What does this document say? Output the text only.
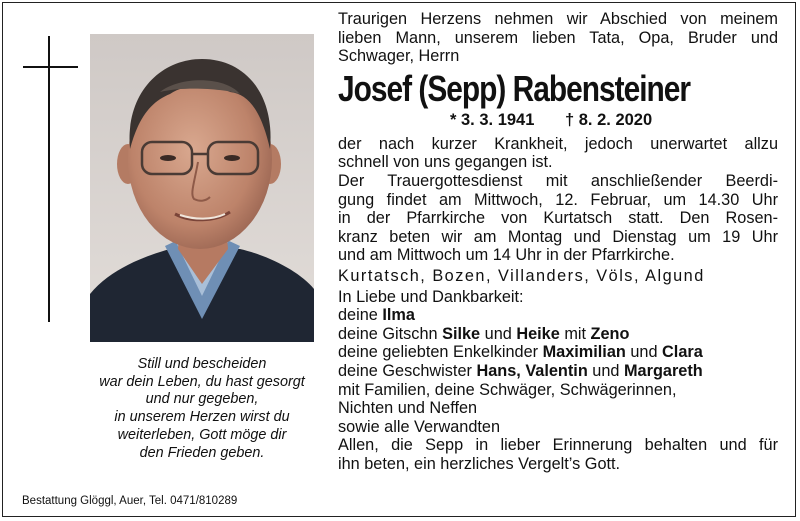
Still und bescheiden
war dein Leben, du hast gesorgt
und nur gegeben,
in unserem Herzen wirst du
weiterleben, Gott möge dir
den Frieden geben.
Bestattung Glöggl, Auer, Tel. 0471/810289
Traurigen Herzens nehmen wir Abschied von meinem
lieben Mann, unserem lieben Tata, Opa, Bruder und
Schwager, Herrn
Josef (Sepp) Rabensteiner
* 3. 3. 1941 † 8. 2. 2020
der nach kurzer Krankheit, jedoch unerwartet allzu
schnell von uns gegangen ist.
Der Trauergottesdienst mit anschließender Beerdi-
gung findet am Mittwoch, 12. Februar, um 14.30 Uhr
in der Pfarrkirche von Kurtatsch statt. Den Rosen-
kranz beten wir am Montag und Dienstag um 19 Uhr
und am Mittwoch um 14 Uhr in der Pfarrkirche.
Kurtatsch, Bozen, Villanders, Völs, Algund
In Liebe und Dankbarkeit:
deine Ilma
deine Gitschn Silke und Heike mit Zeno
deine geliebten Enkelkinder Maximilian und Clara
deine Geschwister Hans, Valentin und Margareth
mit Familien, deine Schwäger, Schwägerinnen,
Nichten und Neffen
sowie alle Verwandten
Allen, die Sepp in lieber Erinnerung behalten und für
ihn beten, ein herzliches Vergelt’s Gott.
